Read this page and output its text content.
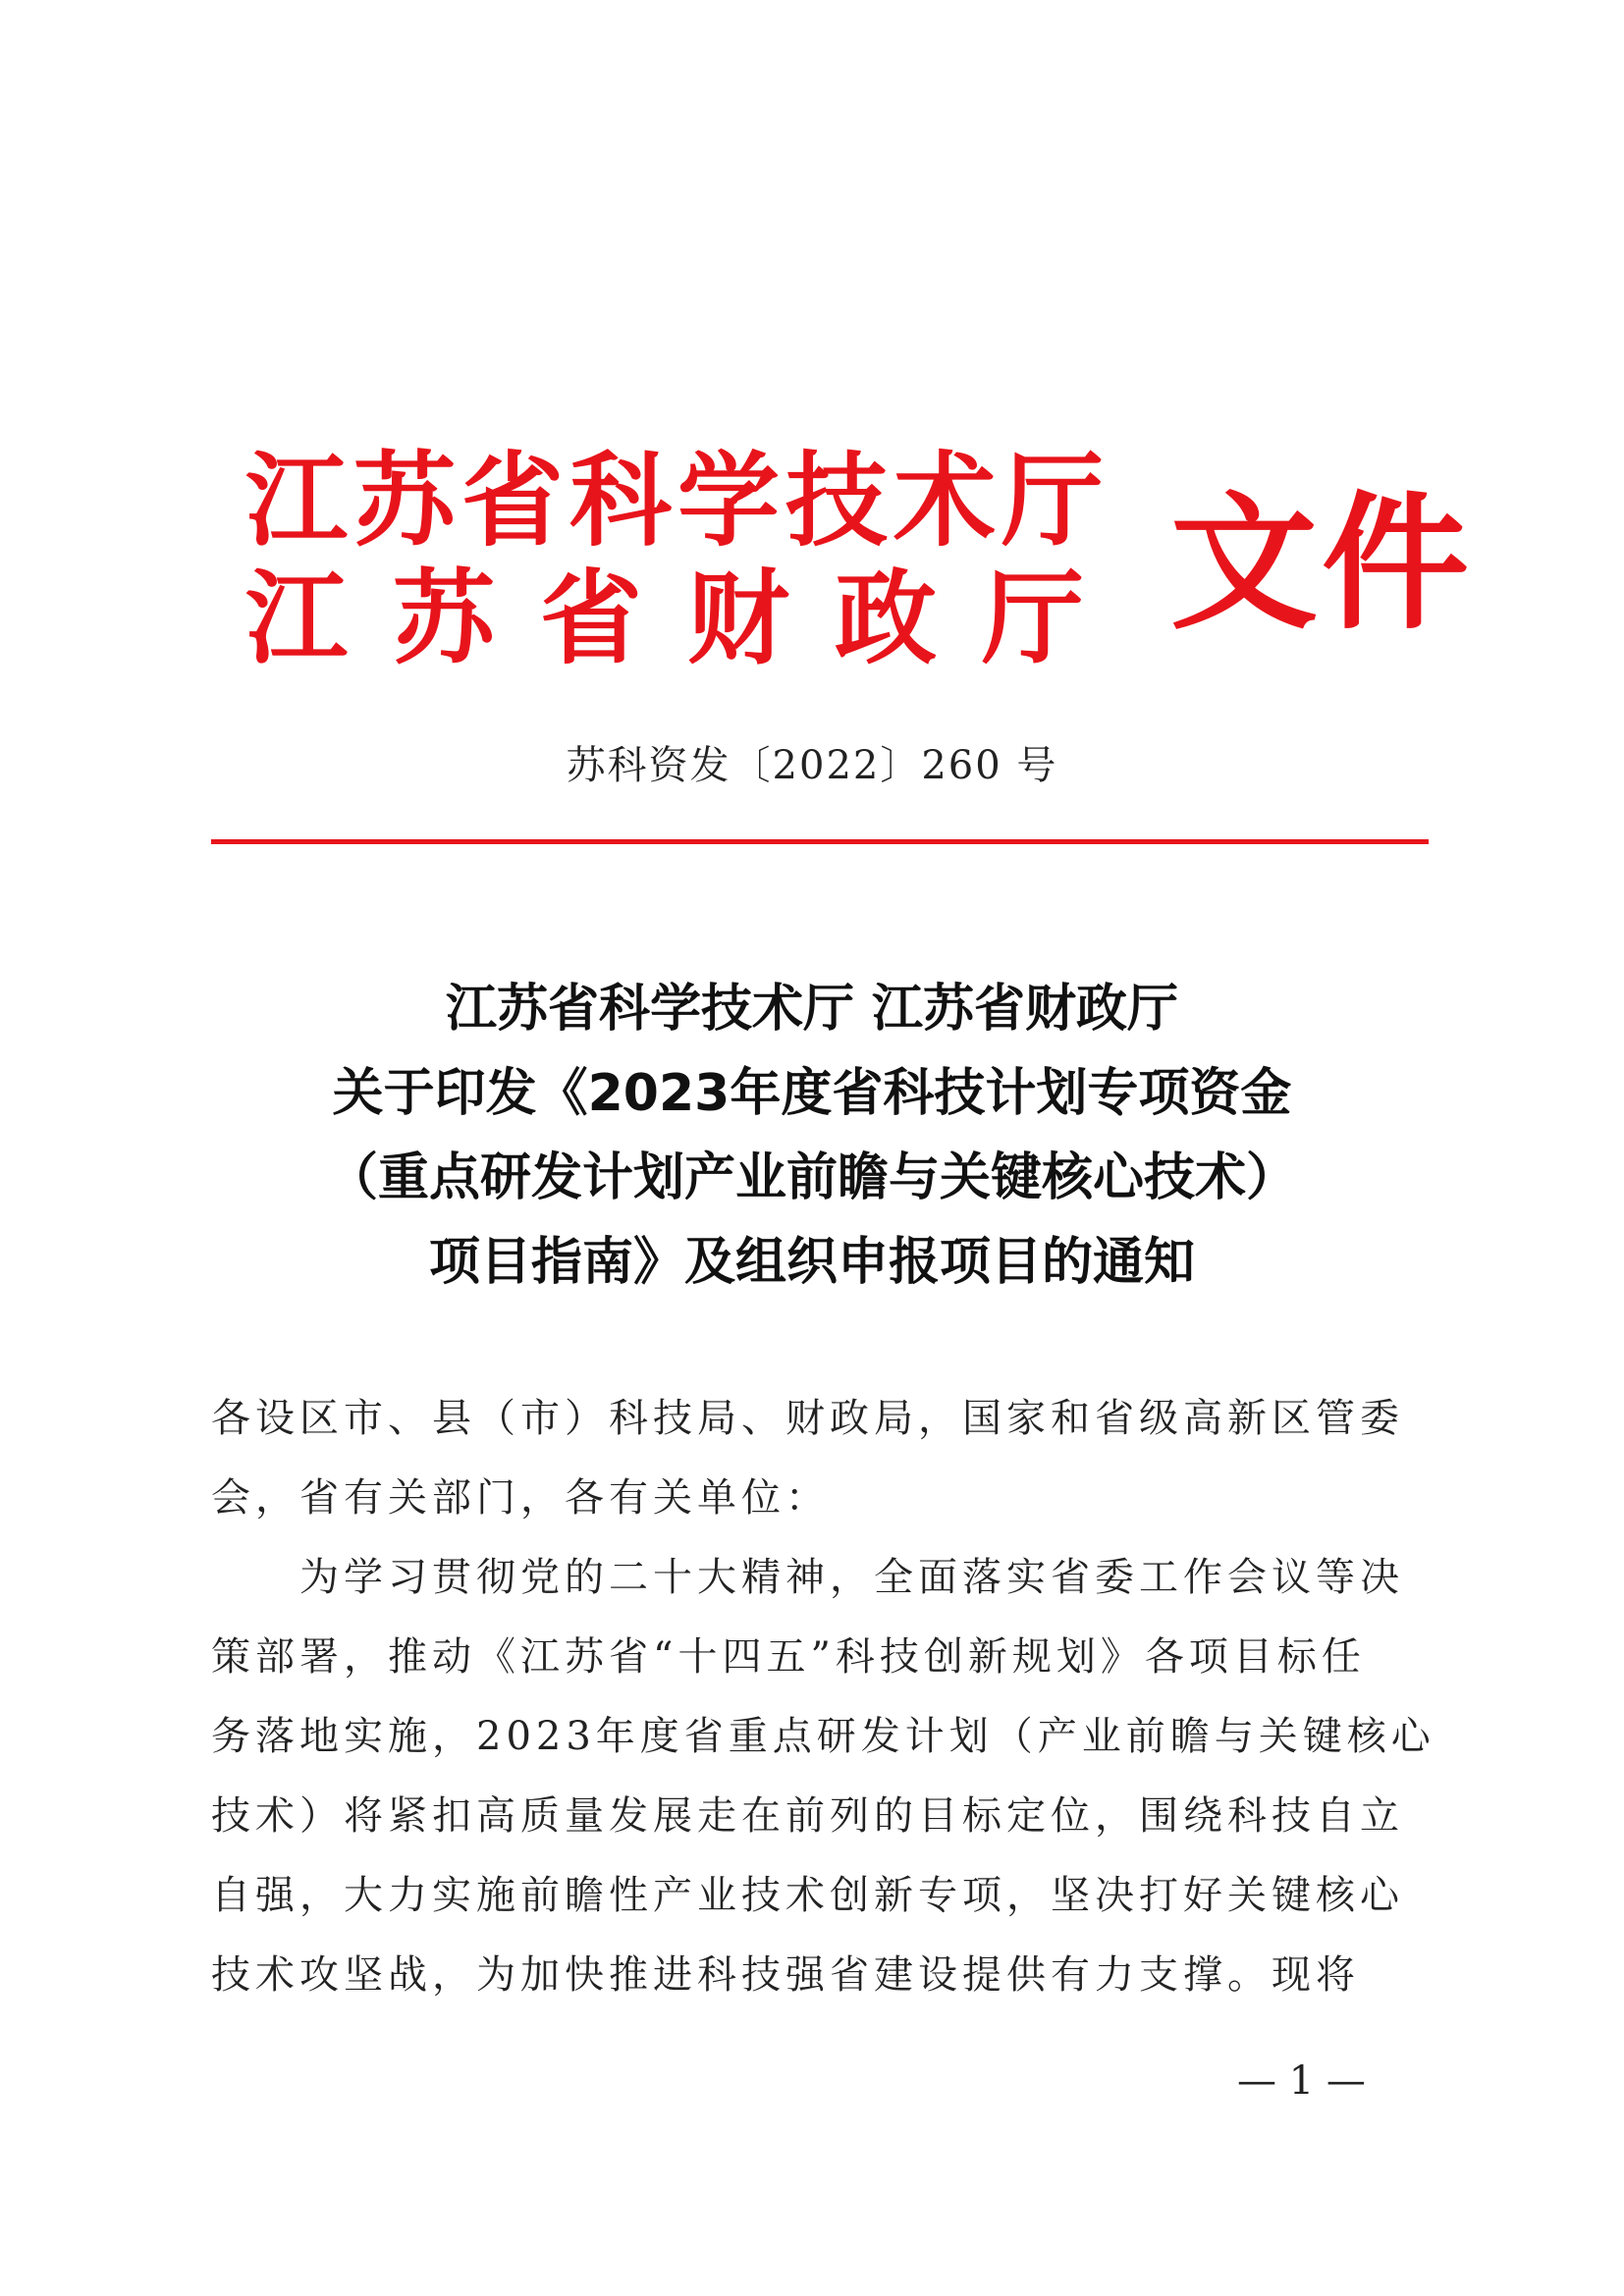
江苏省科学技术厅
江苏省财政厅 文件
苏科资发〔2022〕260 号
江苏省科学技术厅 江苏省财政厅
关于印发《2023年度省科技计划专项资金
（重点研发计划产业前瞻与关键核心技术）
项目指南》及组织申报项目的通知
各设区市、县（市）科技局、财政局，国家和省级高新区管委
会，省有关部门，各有关单位：
为学习贯彻党的二十大精神，全面落实省委工作会议等决
策部署，推动《江苏省“十四五”科技创新规划》各项目标任
务落地实施，2023年度省重点研发计划（产业前瞻与关键核心
技术）将紧扣高质量发展走在前列的目标定位，围绕科技自立
自强，大力实施前瞻性产业技术创新专项，坚决打好关键核心
技术攻坚战，为加快推进科技强省建设提供有力支撑。现将
— 1 —
